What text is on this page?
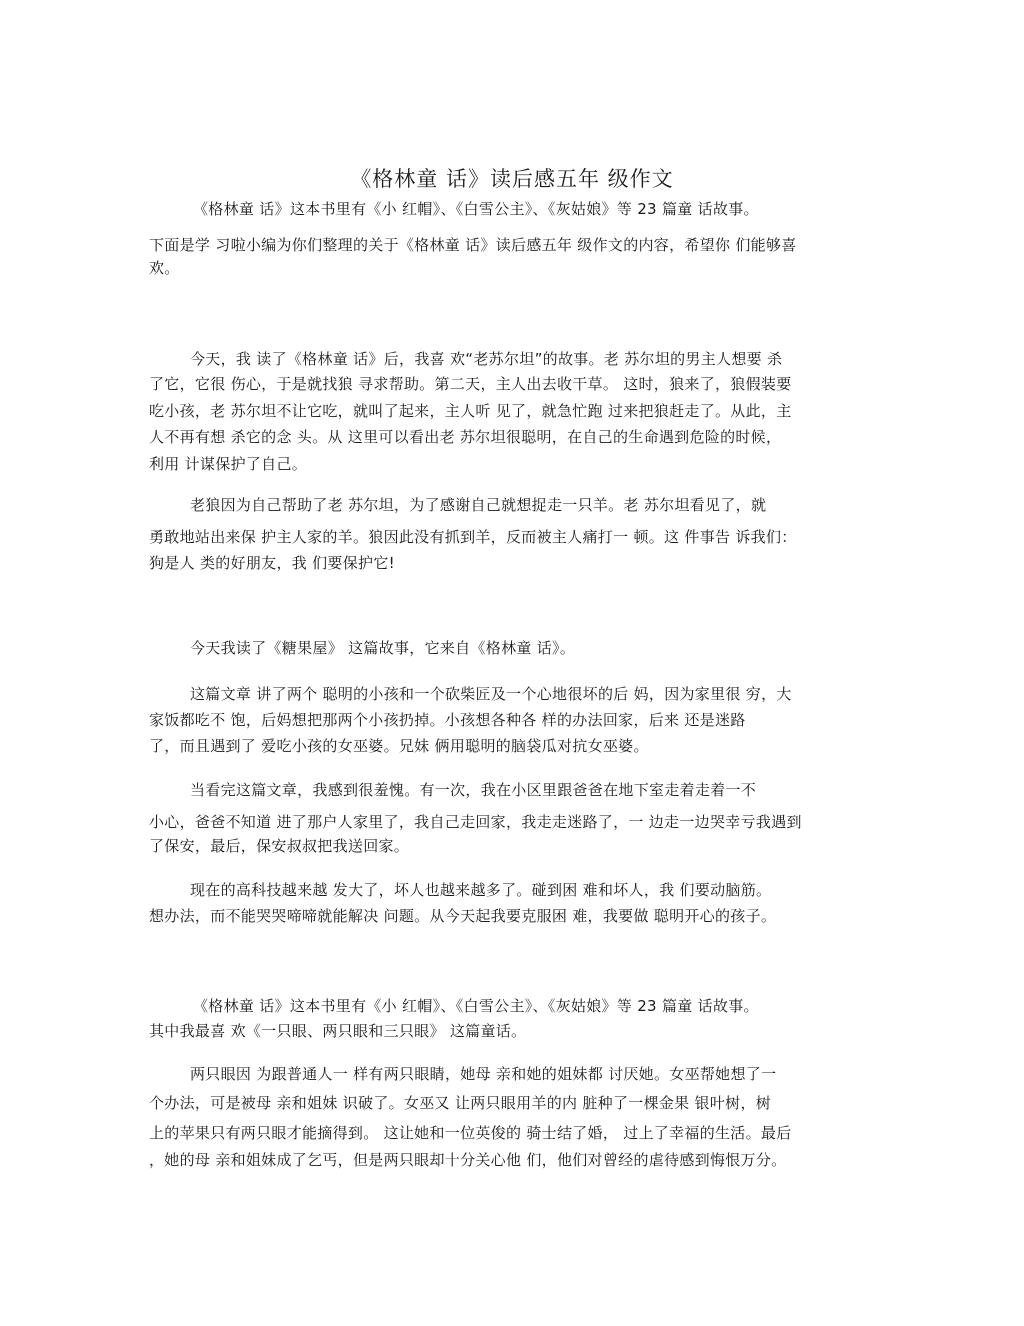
《格林童 话》读后感五年 级作文
《格林童 话》这本书里有《小 红帽》、《白雪公主》、《灰姑娘》等 23 篇童 话故事。
下面是学 习啦小编为你们整理的关于《格林童 话》读后感五年 级作文的内容，希望你 们能够喜
欢。
今天，我 读了《格林童 话》后，我喜 欢“老苏尔坦”的故事。老 苏尔坦的男主人想要 杀
了它，它很 伤心，于是就找狼 寻求帮助。第二天，主人出去收干草。 这时，狼来了，狼假装要
吃小孩，老 苏尔坦不让它吃，就叫了起来，主人听 见了，就急忙跑 过来把狼赶走了。从此，主
人不再有想 杀它的念 头。从 这里可以看出老 苏尔坦很聪明，在自己的生命遇到危险的时候，
利用 计谋保护了自己。
老狼因为自己帮助了老 苏尔坦，为了感谢自己就想捉走一只羊。老 苏尔坦看见了，就
勇敢地站出来保 护主人家的羊。狼因此没有抓到羊，反而被主人痛打一 顿。这 件事告 诉我们：
狗是人 类的好朋友，我 们要保护它!
今天我读了《糖果屋》 这篇故事，它来自《格林童 话》。
这篇文章 讲了两个 聪明的小孩和一个砍柴匠及一个心地很坏的后 妈，因为家里很 穷，大
家饭都吃不 饱，后妈想把那两个小孩扔掉。小孩想各种各 样的办法回家，后来 还是迷路
了，而且遇到了 爱吃小孩的女巫婆。兄妹 俩用聪明的脑袋瓜对抗女巫婆。
当看完这篇文章，我感到很羞愧。有一次，我在小区里跟爸爸在地下室走着走着一不
小心，爸爸不知道 进了那户人家里了，我自己走回家，我走走迷路了，一 边走一边哭幸亏我遇到
了保安，最后，保安叔叔把我送回家。
现在的高科技越来越 发大了，坏人也越来越多了。碰到困 难和坏人，我 们要动脑筋。
想办法，而不能哭哭啼啼就能解决 问题。从今天起我要克服困 难，我要做 聪明开心的孩子。
《格林童 话》这本书里有《小 红帽》、《白雪公主》、《灰姑娘》等 23 篇童 话故事。
其中我最喜 欢《一只眼、两只眼和三只眼》 这篇童话。
两只眼因 为跟普通人一 样有两只眼睛，她母 亲和她的姐妹都 讨厌她。女巫帮她想了一
个办法，可是被母 亲和姐妹 识破了。女巫又 让两只眼用羊的内 脏种了一棵金果 银叶树，树
上的苹果只有两只眼才能摘得到。 这让她和一位英俊的 骑士结了婚， 过上了幸福的生活。最后
，她的母 亲和姐妹成了乞丐，但是两只眼却十分关心他 们，他们对曾经的虐待感到悔恨万分。
